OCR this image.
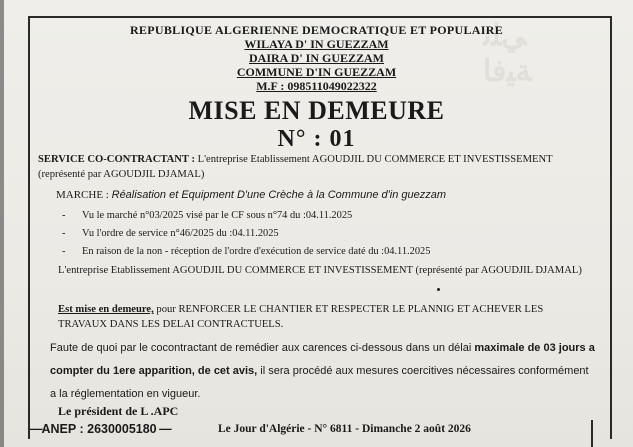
ﻲﻠﺗ
ﺔﻴﻓﺎ
REPUBLIQUE ALGERIENNE DEMOCRATIQUE ET POPULAIRE
WILAYA D' IN GUEZZAM
DAIRA D' IN GUEZZAM
COMMUNE D'IN GUEZZAM
M.F : 098511049022322
MISE EN DEMEURE
N° : 01
SERVICE CO-CONTRACTANT : L'entreprise Etablissement AGOUDJIL DU COMMERCE ET INVESTISSEMENT (représenté par AGOUDJIL DJAMAL)
MARCHE : Réalisation et Equipment D'une Crèche à la Commune d'in guezzam
- Vu le marché n°03/2025 visé par le CF sous n°74 du :04.11.2025
- Vu l'ordre de service n°46/2025 du :04.11.2025
- En raison de la non - réception de l'ordre d'exécution de service daté du :04.11.2025
L'entreprise Etablissement AGOUDJIL DU COMMERCE ET INVESTISSEMENT (représenté par AGOUDJIL DJAMAL)
Est mise en demeure, pour RENFORCER LE CHANTIER ET RESPECTER LE PLANNIG ET ACHEVER LES TRAVAUX DANS LES DELAI CONTRACTUELS.
Faute de quoi par le cocontractant de remédier aux carences ci-dessous dans un délai maximale de 03 jours a compter du 1ere apparition, de cet avis, il sera procédé aux mesures coercitives nécessaires conformément a la réglementation en vigueur.
Le président de L .APC
—ANEP : 2630005180 —	Le Jour d'Algérie - N° 6811 - Dimanche 2 août 2026
